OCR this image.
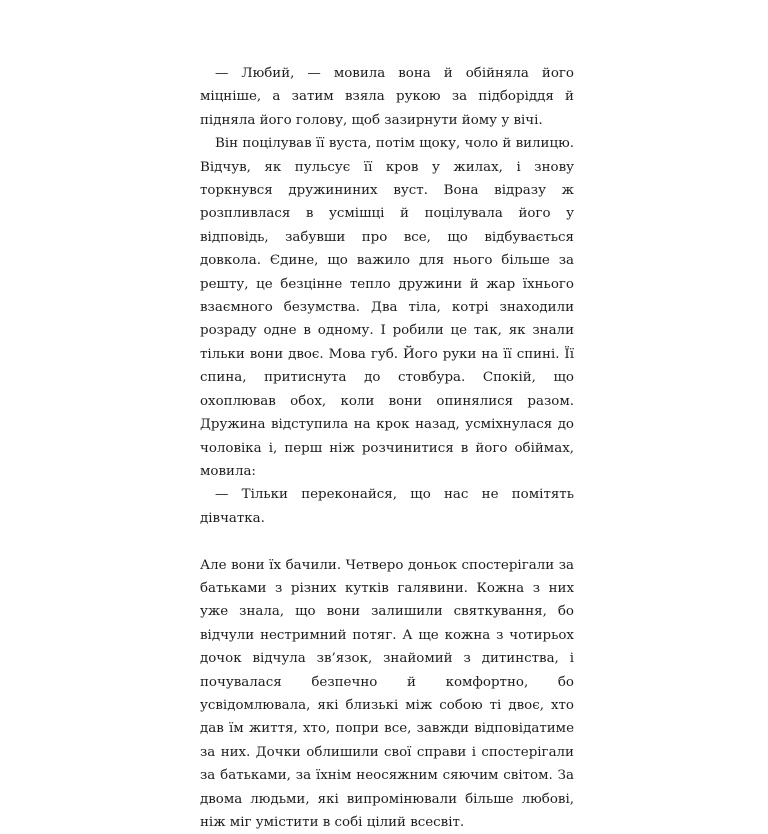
— Любий, — мовила вона й обійняла його міцніше, а затим взяла рукою за підборіддя й підняла його голову, щоб зазирнути йому у вічі.

Він поцілував її вуста, потім щоку, чоло й вилицю. Відчув, як пульсує її кров у жилах, і знову торкнувся дружининих вуст. Вона відразу ж розпливлася в усмішці й поцілувала його у відповідь, забувши про все, що відбувається довкола. Єдине, що важило для нього більше за решту, це безцінне тепло дружини й жар їхнього взаємного безумства. Два тіла, котрі знаходили розраду одне в одному. І робили це так, як знали тільки вони двоє. Мова губ. Його руки на її спині. Її спина, притиснута до стовбура. Спокій, що охоплював обох, коли вони опинялися разом. Дружина відступила на крок назад, усміхнулася до чоловіка і, перш ніж розчинитися в його обіймах, мовила:

— Тільки переконайся, що нас не помітять дівчатка.

Але вони їх бачили. Четверо доньок спостерігали за батьками з різних кутків галявини. Кожна з них уже знала, що вони залишили святкування, бо відчули нестримний потяг. А ще кожна з чотирьох дочок відчула зв’язок, знайомий з дитинства, і почувалася безпечно й комфортно, бо усвідомлювала, які близькі між собою ті двоє, хто дав їм життя, хто, попри все, завжди відповідатиме за них. Дочки облишили свої справи і спостерігали за батьками, за їхнім неосяжним сяючим світом. За двома людьми, які випромінювали більше любові, ніж міг умістити в собі цілий всесвіт.
